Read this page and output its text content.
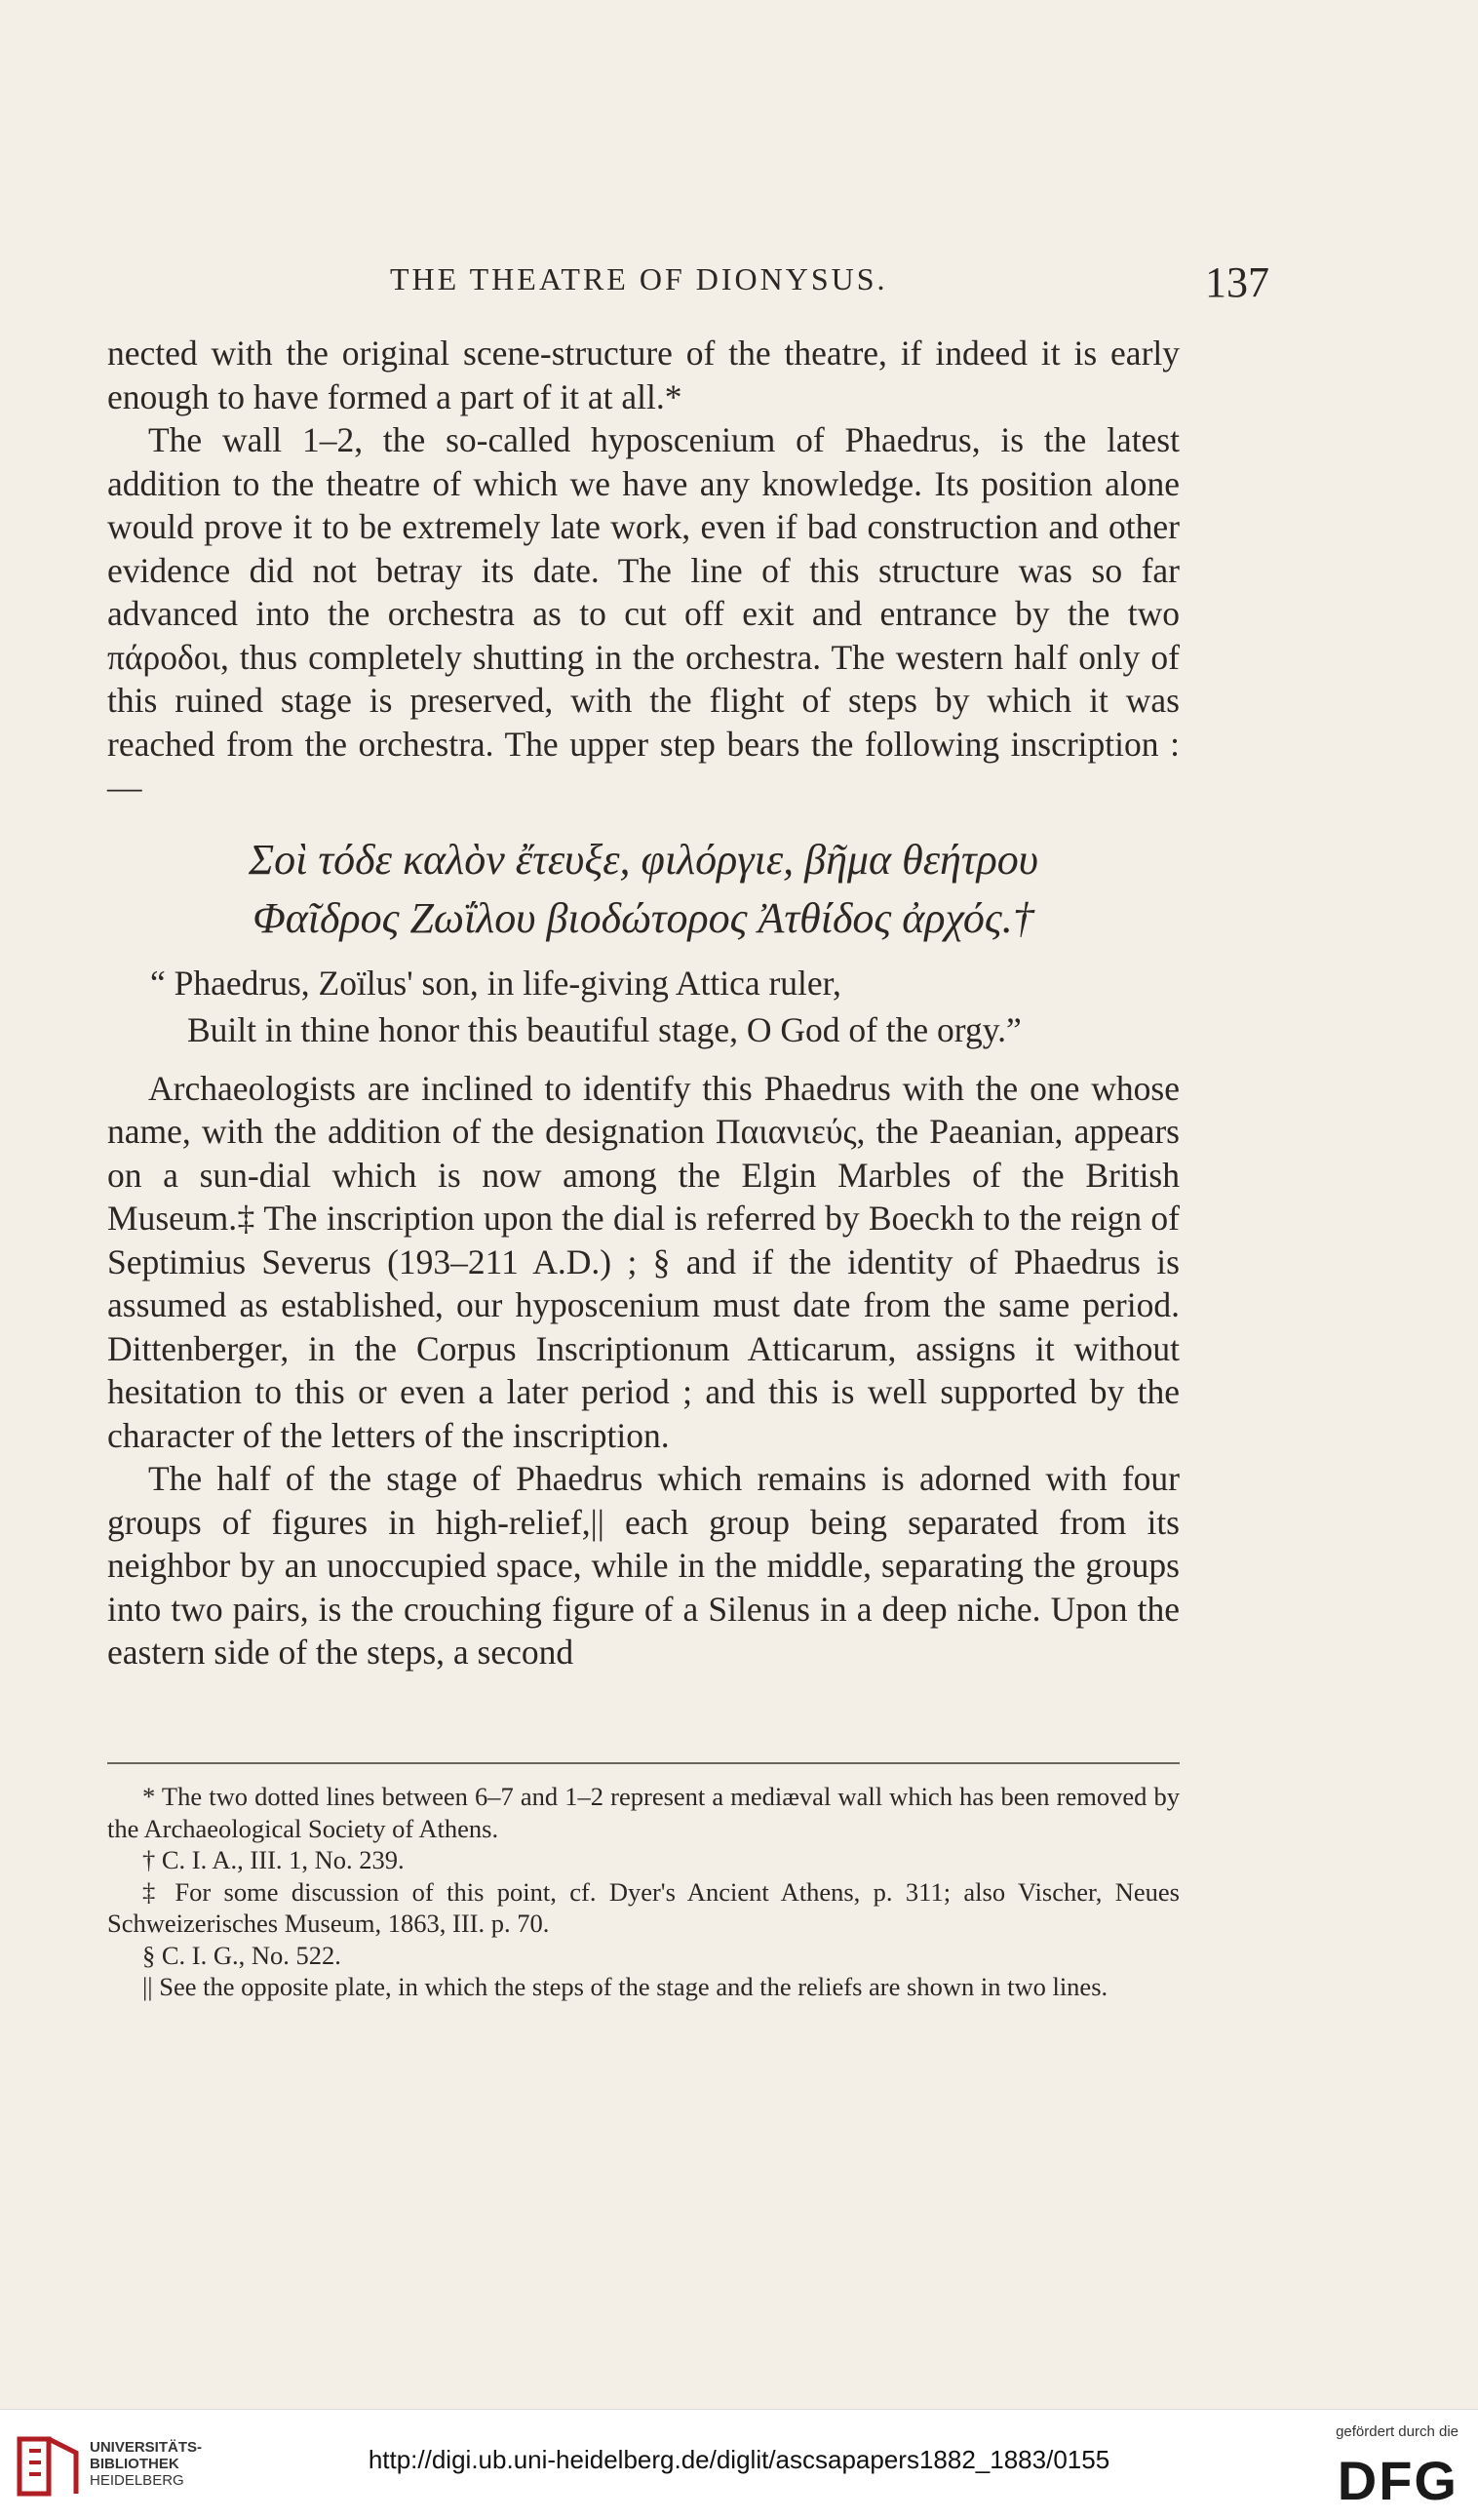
THE THEATRE OF DIONYSUS.	137

nected with the original scene-structure of the theatre, if indeed it is early enough to have formed a part of it at all.*

The wall 1–2, the so-called hyposcenium of Phaedrus, is the latest addition to the theatre of which we have any knowledge. Its position alone would prove it to be extremely late work, even if bad construction and other evidence did not betray its date. The line of this structure was so far advanced into the orchestra as to cut off exit and entrance by the two πάροδοι, thus completely shutting in the orchestra. The western half only of this ruined stage is preserved, with the flight of steps by which it was reached from the orchestra. The upper step bears the following inscription : —

Σοὶ τόδε καλὸν ἔτευξε, φιλόργιε, βῆμα θεήτρου
Φαῖδρος Ζωΐλου βιοδώτορος Ἀτθίδος ἀρχός.†
“ Phaedrus, Zoïlus' son, in life-giving Attica ruler,
Built in thine honor this beautiful stage, O God of the orgy.”

Archaeologists are inclined to identify this Phaedrus with the one whose name, with the addition of the designation Παιανιεύς, the Paeanian, appears on a sun-dial which is now among the Elgin Marbles of the British Museum.‡ The inscription upon the dial is referred by Boeckh to the reign of Septimius Severus (193–211 A.D.) ; § and if the identity of Phaedrus is assumed as established, our hyposcenium must date from the same period. Dittenberger, in the Corpus Inscriptionum Atticarum, assigns it without hesitation to this or even a later period ; and this is well supported by the character of the letters of the inscription.

The half of the stage of Phaedrus which remains is adorned with four groups of figures in high-relief,|| each group being separated from its neighbor by an unoccupied space, while in the middle, separating the groups into two pairs, is the crouching figure of a Silenus in a deep niche. Upon the eastern side of the steps, a second

* The two dotted lines between 6–7 and 1–2 represent a mediæval wall which has been removed by the Archaeological Society of Athens.

† C. I. A., III. 1, No. 239.

‡ For some discussion of this point, cf. Dyer's Ancient Athens, p. 311; also Vischer, Neues Schweizerisches Museum, 1863, III. p. 70.

§ C. I. G., No. 522.

|| See the opposite plate, in which the steps of the stage and the reliefs are shown in two lines.

UNIVERSITÄTS-
BIBLIOTHEK
HEIDELBERG
http://digi.ub.uni-heidelberg.de/diglit/ascsapapers1882_1883/0155
gefördert durch die
DFG
